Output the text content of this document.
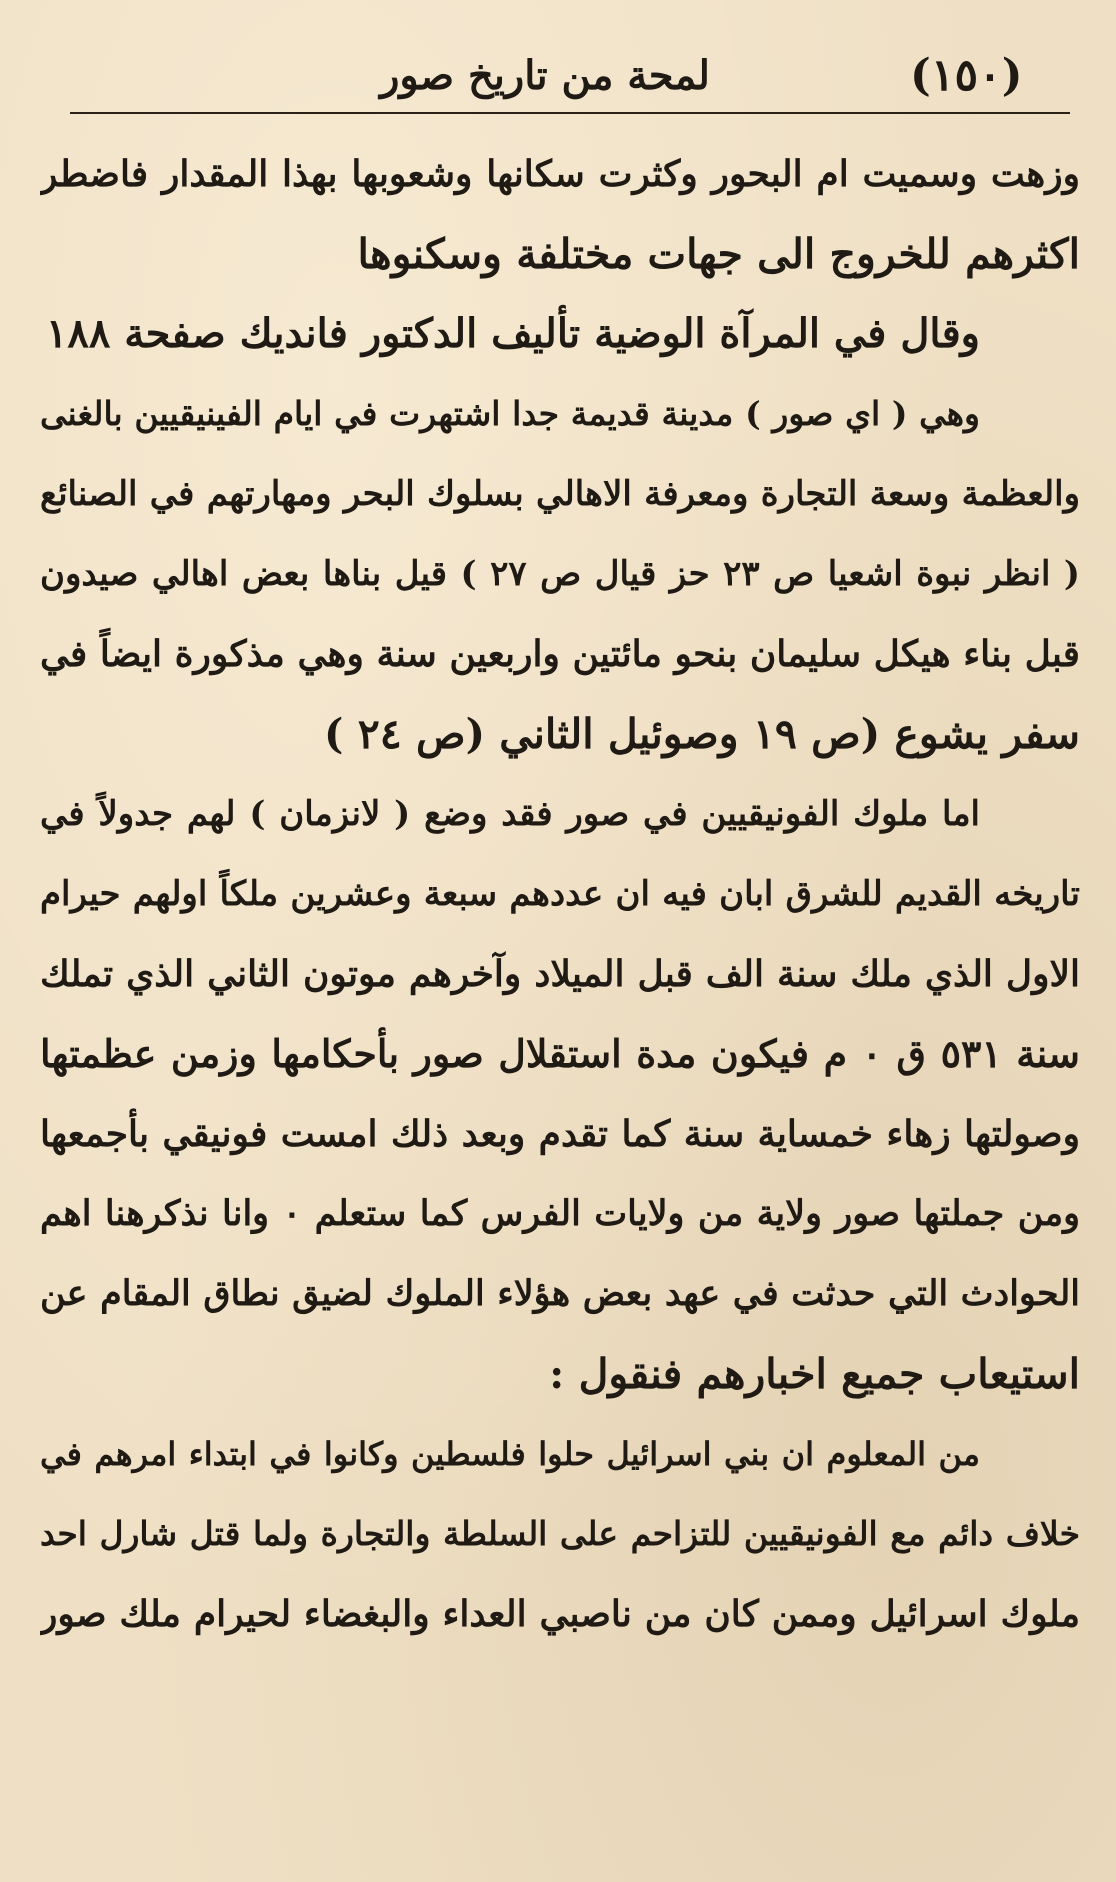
(١٥٠)
لمحة من تاريخ صور
وزهت وسميت ام البحور وكثرت سكانها وشعوبها بهذا المقدار فاضطر
اكثرهم للخروج الى جهات مختلفة وسكنوها
وقال في المرآة الوضية تأليف الدكتور فانديك صفحة ١٨٨
وهي ( اي صور ) مدينة قديمة جدا اشتهرت في ايام الفينيقيين بالغنى
والعظمة وسعة التجارة ومعرفة الاهالي بسلوك البحر ومهارتهم في الصنائع
( انظر نبوة اشعيا ص ٢٣ حز قيال ص ٢٧ ) قيل بناها بعض اهالي صيدون
قبل بناء هيكل سليمان بنحو مائتين واربعين سنة وهي مذكورة ايضاً في
سفر يشوع (ص ١٩ وصوئيل الثاني (ص ٢٤ )
اما ملوك الفونيقيين في صور فقد وضع ( لانزمان ) لهم جدولاً في
تاريخه القديم للشرق ابان فيه ان عددهم سبعة وعشرين ملكاً اولهم حيرام
الاول الذي ملك سنة الف قبل الميلاد وآخرهم موتون الثاني الذي تملك
سنة ٥٣١ ق ٠ م فيكون مدة استقلال صور بأحكامها وزمن عظمتها
وصولتها زهاء خمساية سنة كما تقدم وبعد ذلك امست فونيقي بأجمعها
ومن جملتها صور ولاية من ولايات الفرس كما ستعلم ٠ وانا نذكرهنا اهم
الحوادث التي حدثت في عهد بعض هؤلاء الملوك لضيق نطاق المقام عن
استيعاب جميع اخبارهم فنقول :
من المعلوم ان بني اسرائيل حلوا فلسطين وكانوا في ابتداء امرهم في
خلاف دائم مع الفونيقيين للتزاحم على السلطة والتجارة ولما قتل شارل احد
ملوك اسرائيل وممن كان من ناصبي العداء والبغضاء لحيرام ملك صور
